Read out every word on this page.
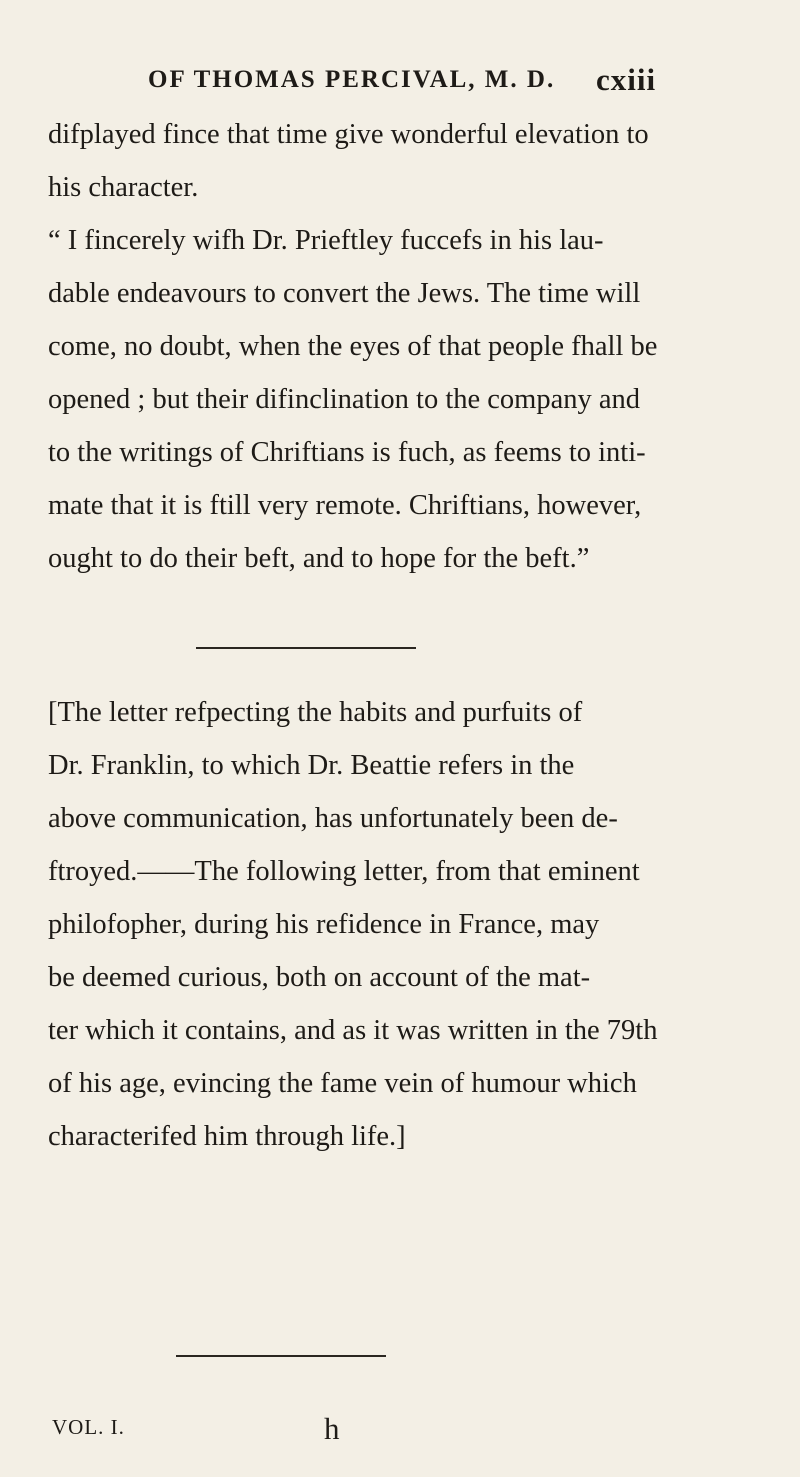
OF THOMAS PERCIVAL, M. D. cxiii
difplayed fince that time give wonderful elevation to
his character.
“ I fincerely wifh Dr. Prieftley fuccefs in his lau-
dable endeavours to convert the Jews. The time will
come, no doubt, when the eyes of that people fhall be
opened ; but their difinclination to the company and
to the writings of Chriftians is fuch, as feems to inti-
mate that it is ftill very remote. Chriftians, however,
ought to do their beft, and to hope for the beft.”
[The letter refpecting the habits and purfuits of
Dr. Franklin, to which Dr. Beattie refers in the
above communication, has unfortunately been de-
ftroyed.——The following letter, from that eminent
philofopher, during his refidence in France, may
be deemed curious, both on account of the mat-
ter which it contains, and as it was written in the 79th
of his age, evincing the fame vein of humour which
characterifed him through life.]
VOL. I.	h
